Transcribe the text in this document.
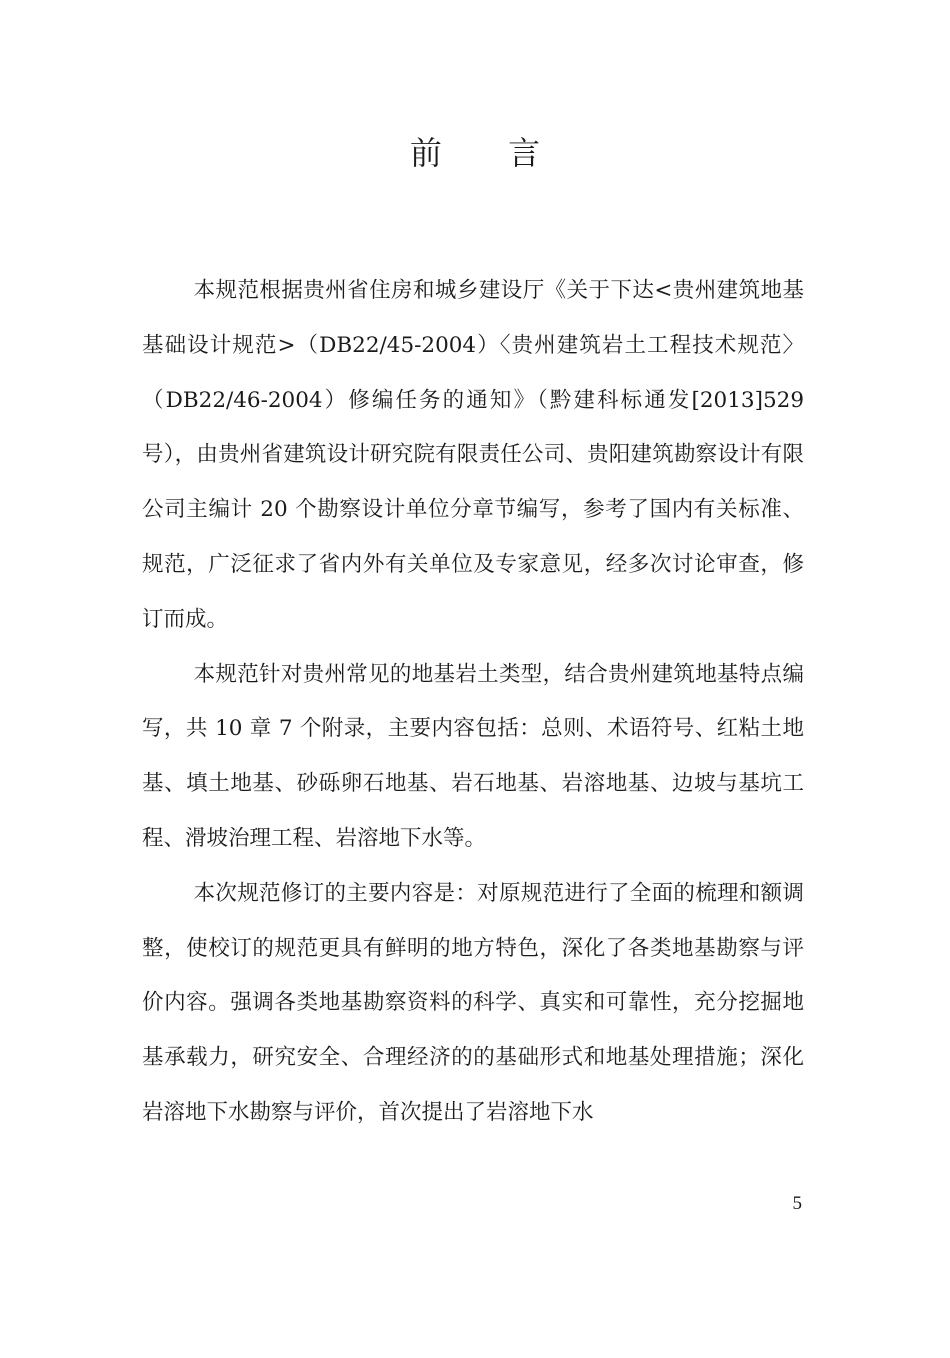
前 言

本规范根据贵州省住房和城乡建设厅《关于下达<贵州建筑地基基础设计规范>（DB22/45-2004）〈贵州建筑岩土工程技术规范〉（DB22/46-2004）修编任务的通知》（黔建科标通发[2013]529 号），由贵州省建筑设计研究院有限责任公司、贵阳建筑勘察设计有限公司主编计 20 个勘察设计单位分章节编写，参考了国内有关标准、规范，广泛征求了省内外有关单位及专家意见，经多次讨论审查，修订而成。

本规范针对贵州常见的地基岩土类型，结合贵州建筑地基特点编写，共 10 章 7 个附录，主要内容包括：总则、术语符号、红粘土地基、填土地基、砂砾卵石地基、岩石地基、岩溶地基、边坡与基坑工程、滑坡治理工程、岩溶地下水等。

本次规范修订的主要内容是：对原规范进行了全面的梳理和额调整，使校订的规范更具有鲜明的地方特色，深化了各类地基勘察与评价内容。强调各类地基勘察资料的科学、真实和可靠性，充分挖掘地基承载力，研究安全、合理经济的的基础形式和地基处理措施；深化岩溶地下水勘察与评价，首次提出了岩溶地下水

5
